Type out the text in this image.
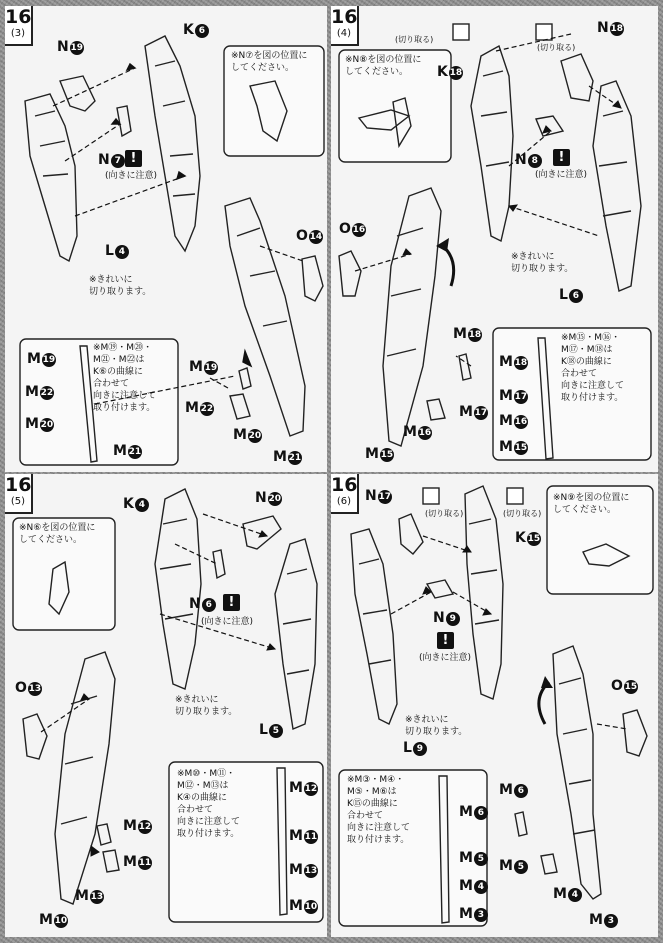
16
(3)
N 19
K 6
N 7 !
(向きに注意)
L 4
※きれいに
切り取ります。
O 14
※N⑦を図の位置に
してください。
M 19
M 22
M 20
M 21
※M⑲・M⑳・
M㉑・M㉒は
K⑥の曲線に
合わせて
向きに注意して
取り付けます。
M 19
M 22
M 20
M 21
16
(4)
(切り取る)
(切り取る)
N 18
K 18
N 8	!
(向きに注意)
※きれいに
切り取ります。
L 6
O 16
※N⑧を図の位置に
してください。
M 18
M 17
M 16
M 15
※M⑮・M⑯・
M⑰・M⑱は
K⑱の曲線に
合わせて
向きに注意して
取り付けます。
M 18
M 17
M 16
M 15
16
(5)	K 4	N 20
N 6	!
(向きに注意)
※きれいに
切り取ります。
L 5
O 13
※N⑥を図の位置に
してください。
M 12
M 11
M 13
M 10
※M⑩・M⑪・
M⑫・M⑬は
K④の曲線に
合わせて
向きに注意して
取り付けます。
M 12
M 11
M 13
M 10
16
(6) N 17
(切り取る)	(切り取る)
K 15
N 9
!
(向きに注意)
※きれいに
切り取ります。
L 9
O 15
※N⑨を図の位置に
してください。
M 6
M 5
M 4
M 3
※M③・M④・
M⑤・M⑥は
K⑮の曲線に
合わせて
向きに注意して
取り付けます。
M 6
M 5
M 4
M 3
